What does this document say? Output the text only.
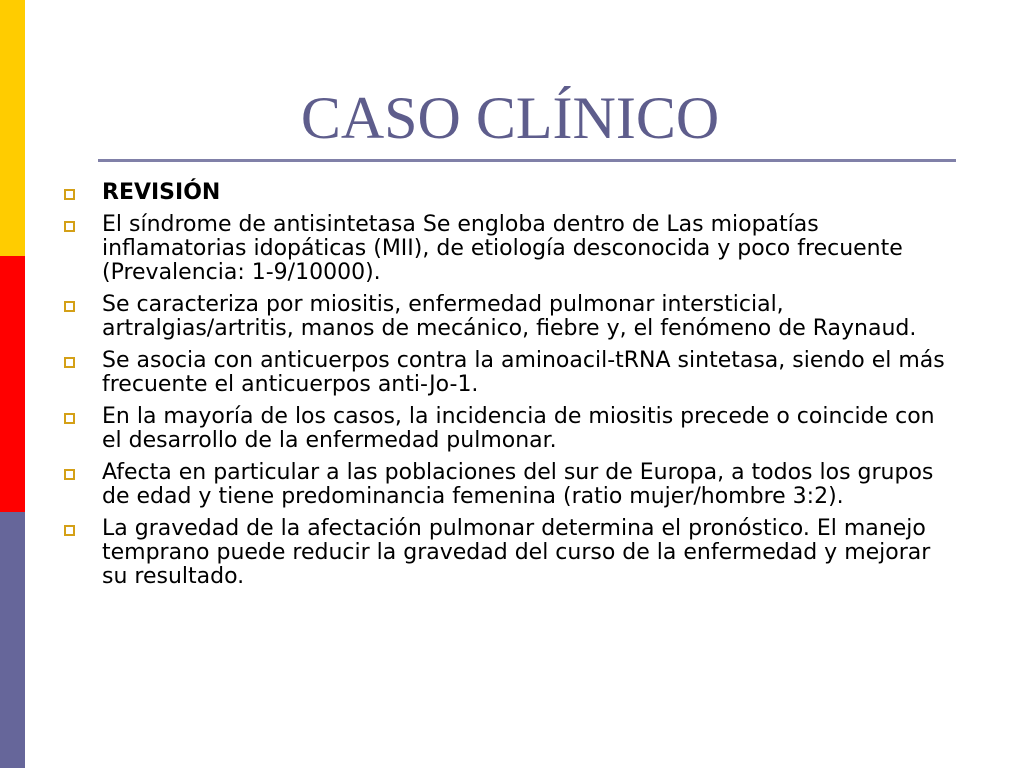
CASO CLÍNICO
REVISIÓN
El síndrome de antisintetasa Se engloba dentro de Las miopatías inflamatorias idopáticas (MII), de etiología desconocida y poco frecuente (Prevalencia: 1-9/10000).
Se caracteriza por miositis, enfermedad pulmonar intersticial, artralgias/artritis, manos de mecánico, fiebre y, el fenómeno de Raynaud.
Se asocia con anticuerpos contra la aminoacil-tRNA sintetasa, siendo el más frecuente el anticuerpos anti-Jo-1.
En la mayoría de los casos, la incidencia de miositis precede o coincide con el desarrollo de la enfermedad pulmonar.
Afecta en particular a las poblaciones del sur de Europa, a todos los grupos de edad y tiene predominancia femenina (ratio mujer/hombre 3:2).
La gravedad de la afectación pulmonar determina el pronóstico. El manejo temprano puede reducir la gravedad del curso de la enfermedad y mejorar su resultado.
